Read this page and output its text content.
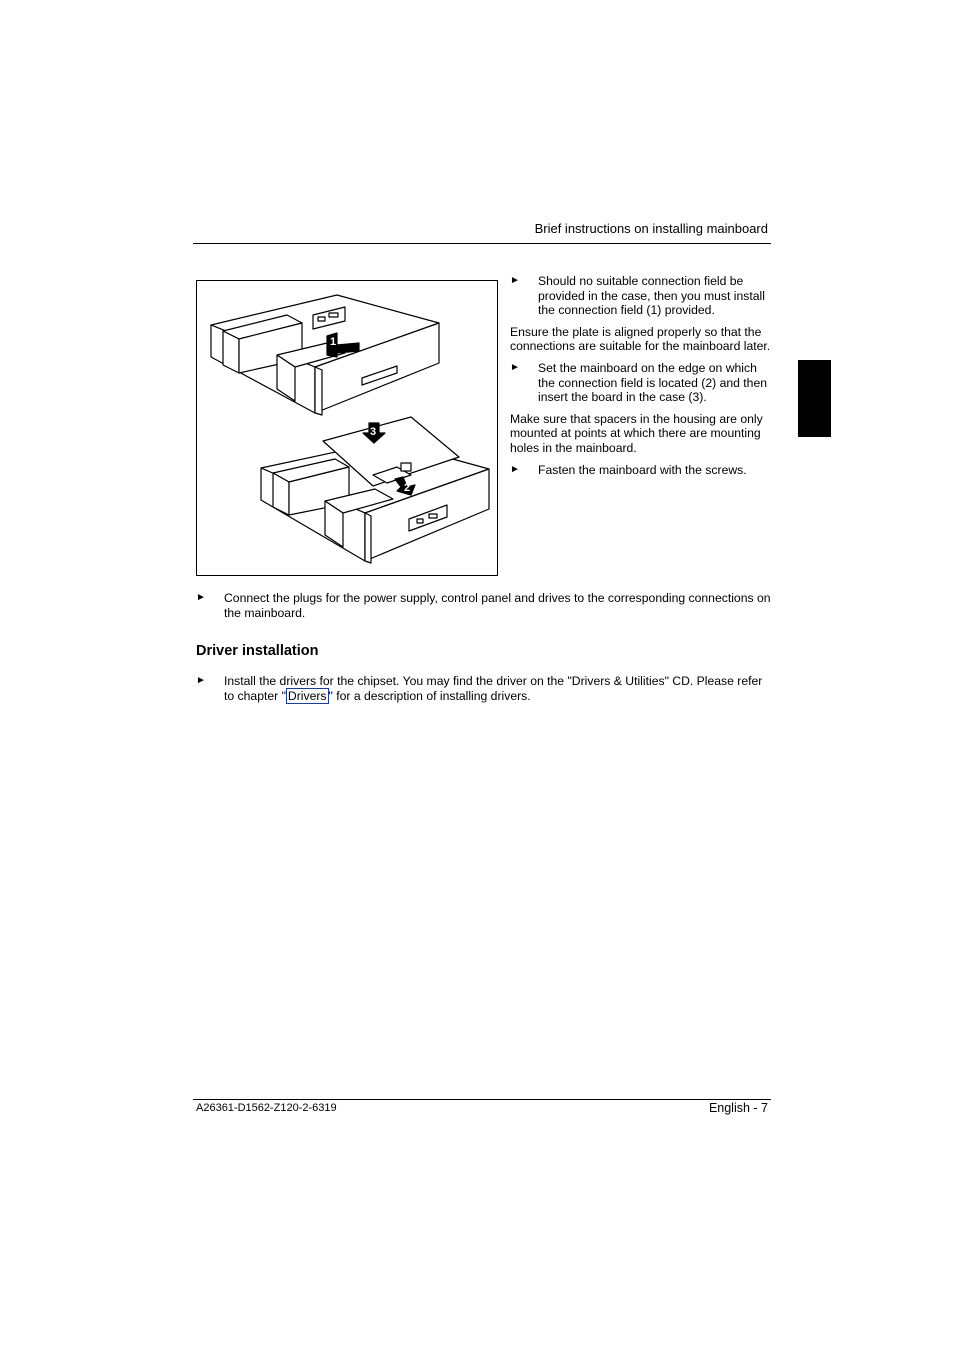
Brief instructions on installing mainboard
1
3
2
► Should no suitable connection field be provided in the case, then you must install the connection field (1) provided.

Ensure the plate is aligned properly so that the connections are suitable for the mainboard later.

► Set the mainboard on the edge on which the connection field is located (2) and then insert the board in the case (3).

Make sure that spacers in the housing are only mounted at points at which there are mounting holes in the mainboard.

► Fasten the mainboard with the screws.
► Connect the plugs for the power supply, control panel and drives to the corresponding connections on the mainboard.
Driver installation
► Install the drivers for the chipset. You may find the driver on the "Drivers & Utilities" CD. Please refer to chapter " Drivers " for a description of installing drivers.
A26361-D1562-Z120-2-6319	English - 7
